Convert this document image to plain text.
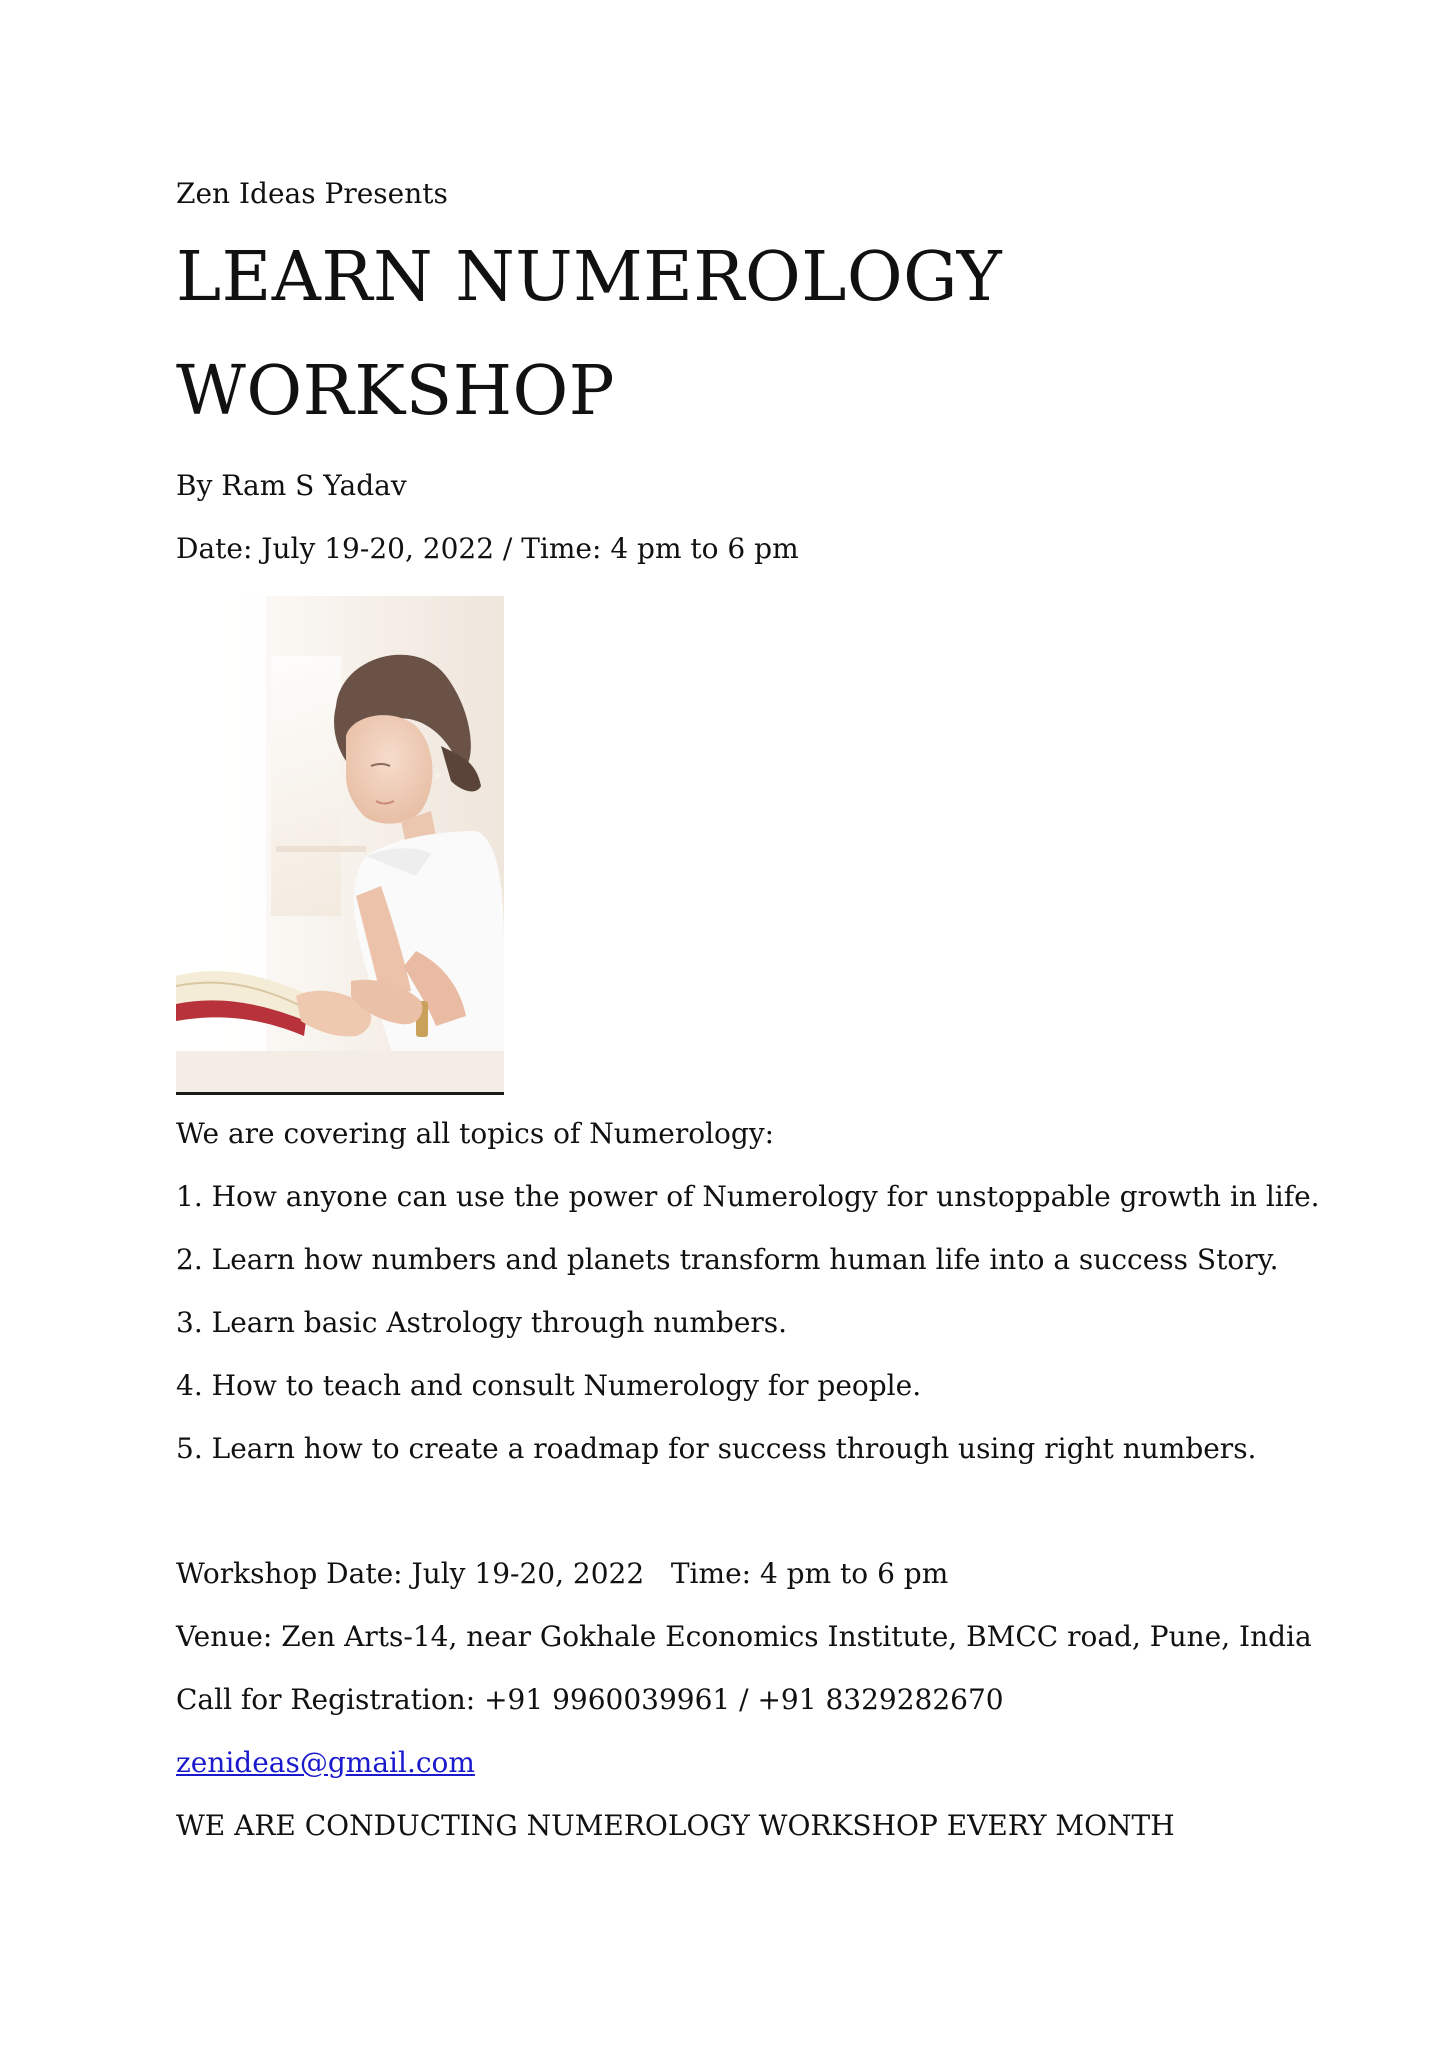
Zen Ideas Presents
LEARN NUMEROLOGY
WORKSHOP
By Ram S Yadav
Date: July 19-20, 2022 / Time: 4 pm to 6 pm
We are covering all topics of Numerology:
1. How anyone can use the power of Numerology for unstoppable growth in life.
2. Learn how numbers and planets transform human life into a success Story.
3. Learn basic Astrology through numbers.
4. How to teach and consult Numerology for people.
5. Learn how to create a roadmap for success through using right numbers.
Workshop Date: July 19-20, 2022   Time: 4 pm to 6 pm
Venue: Zen Arts-14, near Gokhale Economics Institute, BMCC road, Pune, India
Call for Registration: +91 9960039961 / +91 8329282670
zenideas@gmail.com
WE ARE CONDUCTING NUMEROLOGY WORKSHOP EVERY MONTH
